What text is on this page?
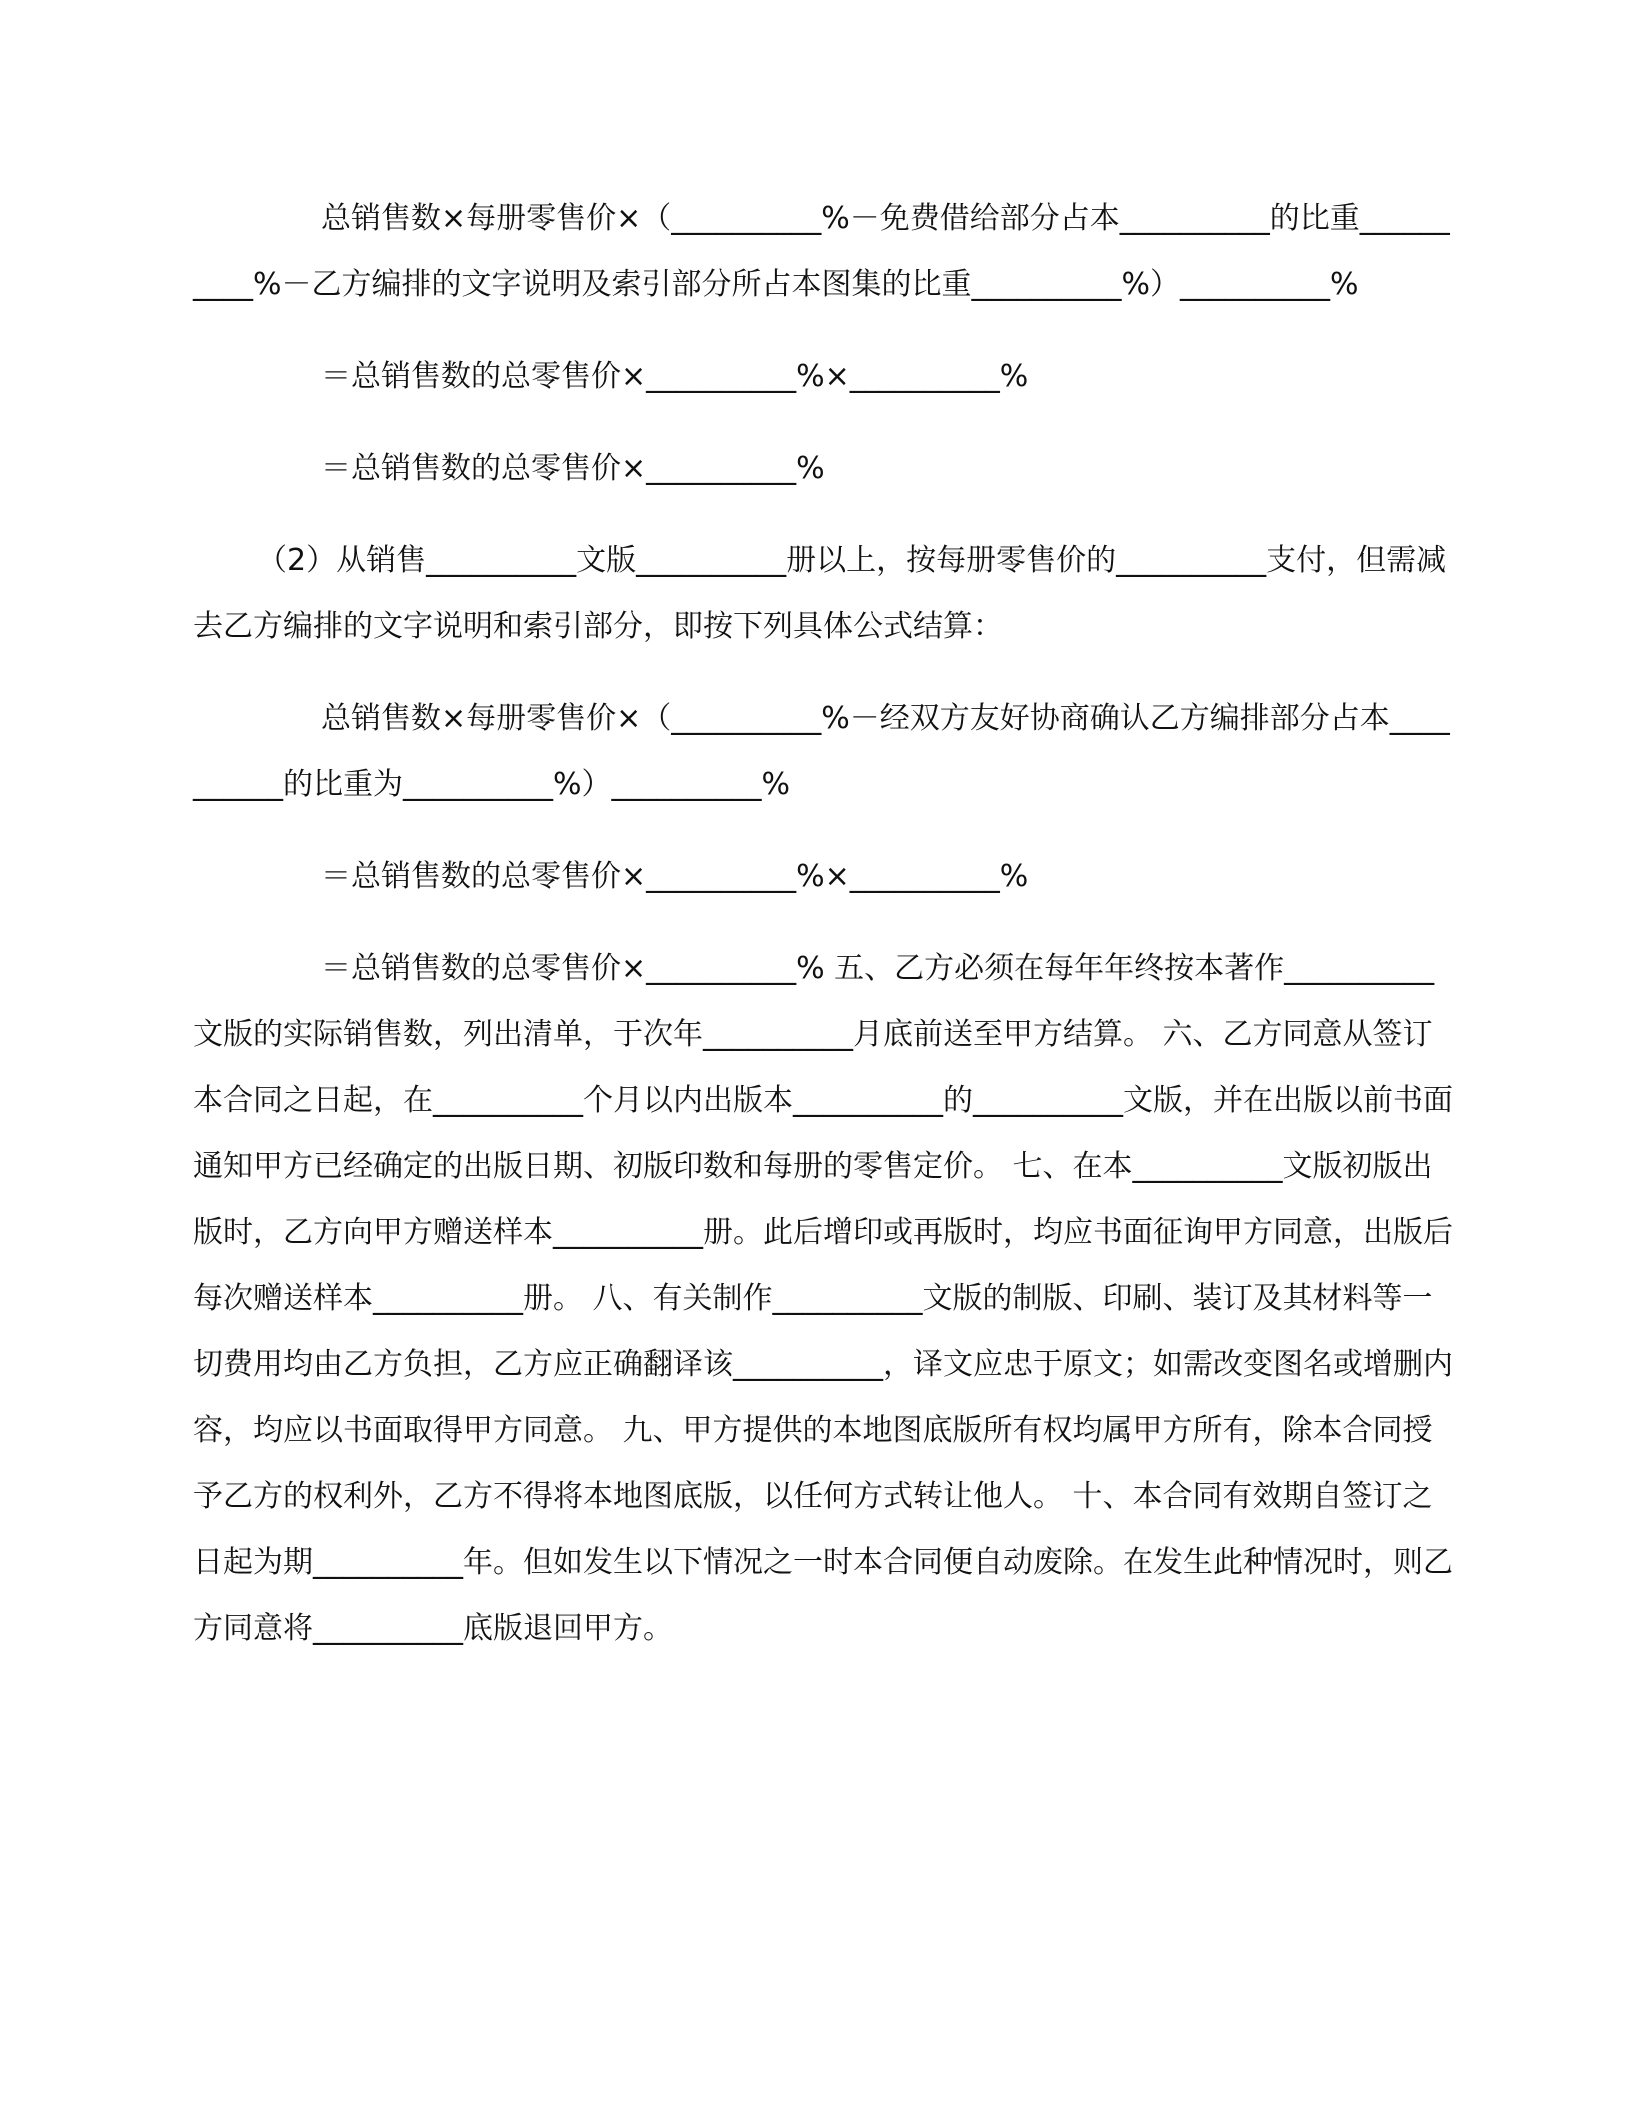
总销售数×每册零售价×（__________%－免费借给部分占本__________的比重__________%－乙方编排的文字说明及索引部分所占本图集的比重__________%）__________%

＝总销售数的总零售价×__________%×__________%

＝总销售数的总零售价×__________%

（2）从销售__________文版__________册以上，按每册零售价的__________支付，但需减去乙方编排的文字说明和索引部分，即按下列具体公式结算：

总销售数×每册零售价×（__________%－经双方友好协商确认乙方编排部分占本__________的比重为__________%）__________%

＝总销售数的总零售价×__________%×__________%

＝总销售数的总零售价×__________% 五、乙方必须在每年年终按本著作__________文版的实际销售数，列出清单，于次年__________月底前送至甲方结算。 六、乙方同意从签订本合同之日起，在__________个月以内出版本__________的__________文版，并在出版以前书面通知甲方已经确定的出版日期、初版印数和每册的零售定价。 七、在本__________文版初版出版时，乙方向甲方赠送样本__________册。此后增印或再版时，均应书面征询甲方同意，出版后每次赠送样本__________册。 八、有关制作__________文版的制版、印刷、装订及其材料等一切费用均由乙方负担，乙方应正确翻译该__________，译文应忠于原文；如需改变图名或增删内容，均应以书面取得甲方同意。 九、甲方提供的本地图底版所有权均属甲方所有，除本合同授予乙方的权利外，乙方不得将本地图底版，以任何方式转让他人。 十、本合同有效期自签订之日起为期__________年。但如发生以下情况之一时本合同便自动废除。在发生此种情况时，则乙方同意将__________底版退回甲方。
